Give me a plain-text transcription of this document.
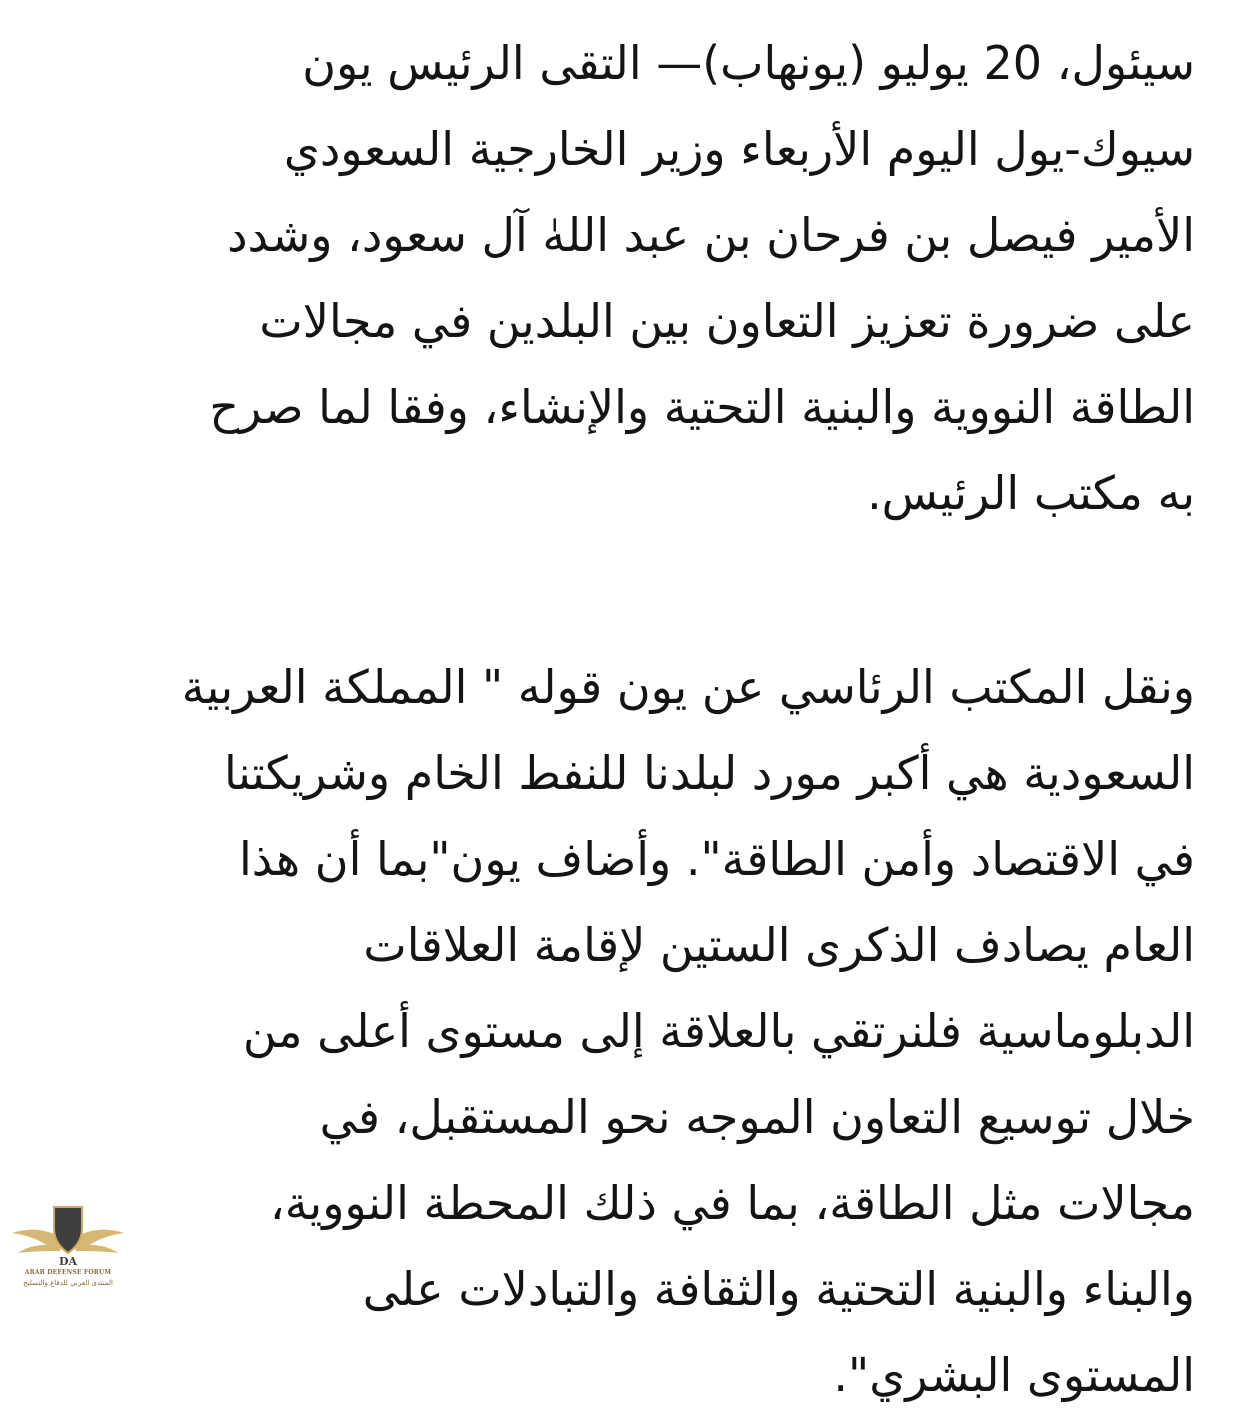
سيئول، 20 يوليو (يونهاب)— التقى الرئيس يون
سيوك-يول اليوم الأربعاء وزير الخارجية السعودي
الأمير فيصل بن فرحان بن عبد اللهٰ آل سعود، وشدد
على ضرورة تعزيز التعاون بين البلدين في مجالات
الطاقة النووية والبنية التحتية والإنشاء، وفقا لما صرح
به مكتب الرئيس.
ونقل المكتب الرئاسي عن يون قوله " المملكة العربية
السعودية هي أكبر مورد لبلدنا للنفط الخام وشريكتنا
في الاقتصاد وأمن الطاقة". وأضاف يون"بما أن هذا
العام يصادف الذكرى الستين لإقامة العلاقات
الدبلوماسية فلنرتقي بالعلاقة إلى مستوى أعلى من
خلال توسيع التعاون الموجه نحو المستقبل، في
مجالات مثل الطاقة، بما في ذلك المحطة النووية،
والبناء والبنية التحتية والثقافة والتبادلات على
المستوى البشري".
DA
ARAB DEFENSE FORUM
المنتدى العربي للدفاع والتسليح
